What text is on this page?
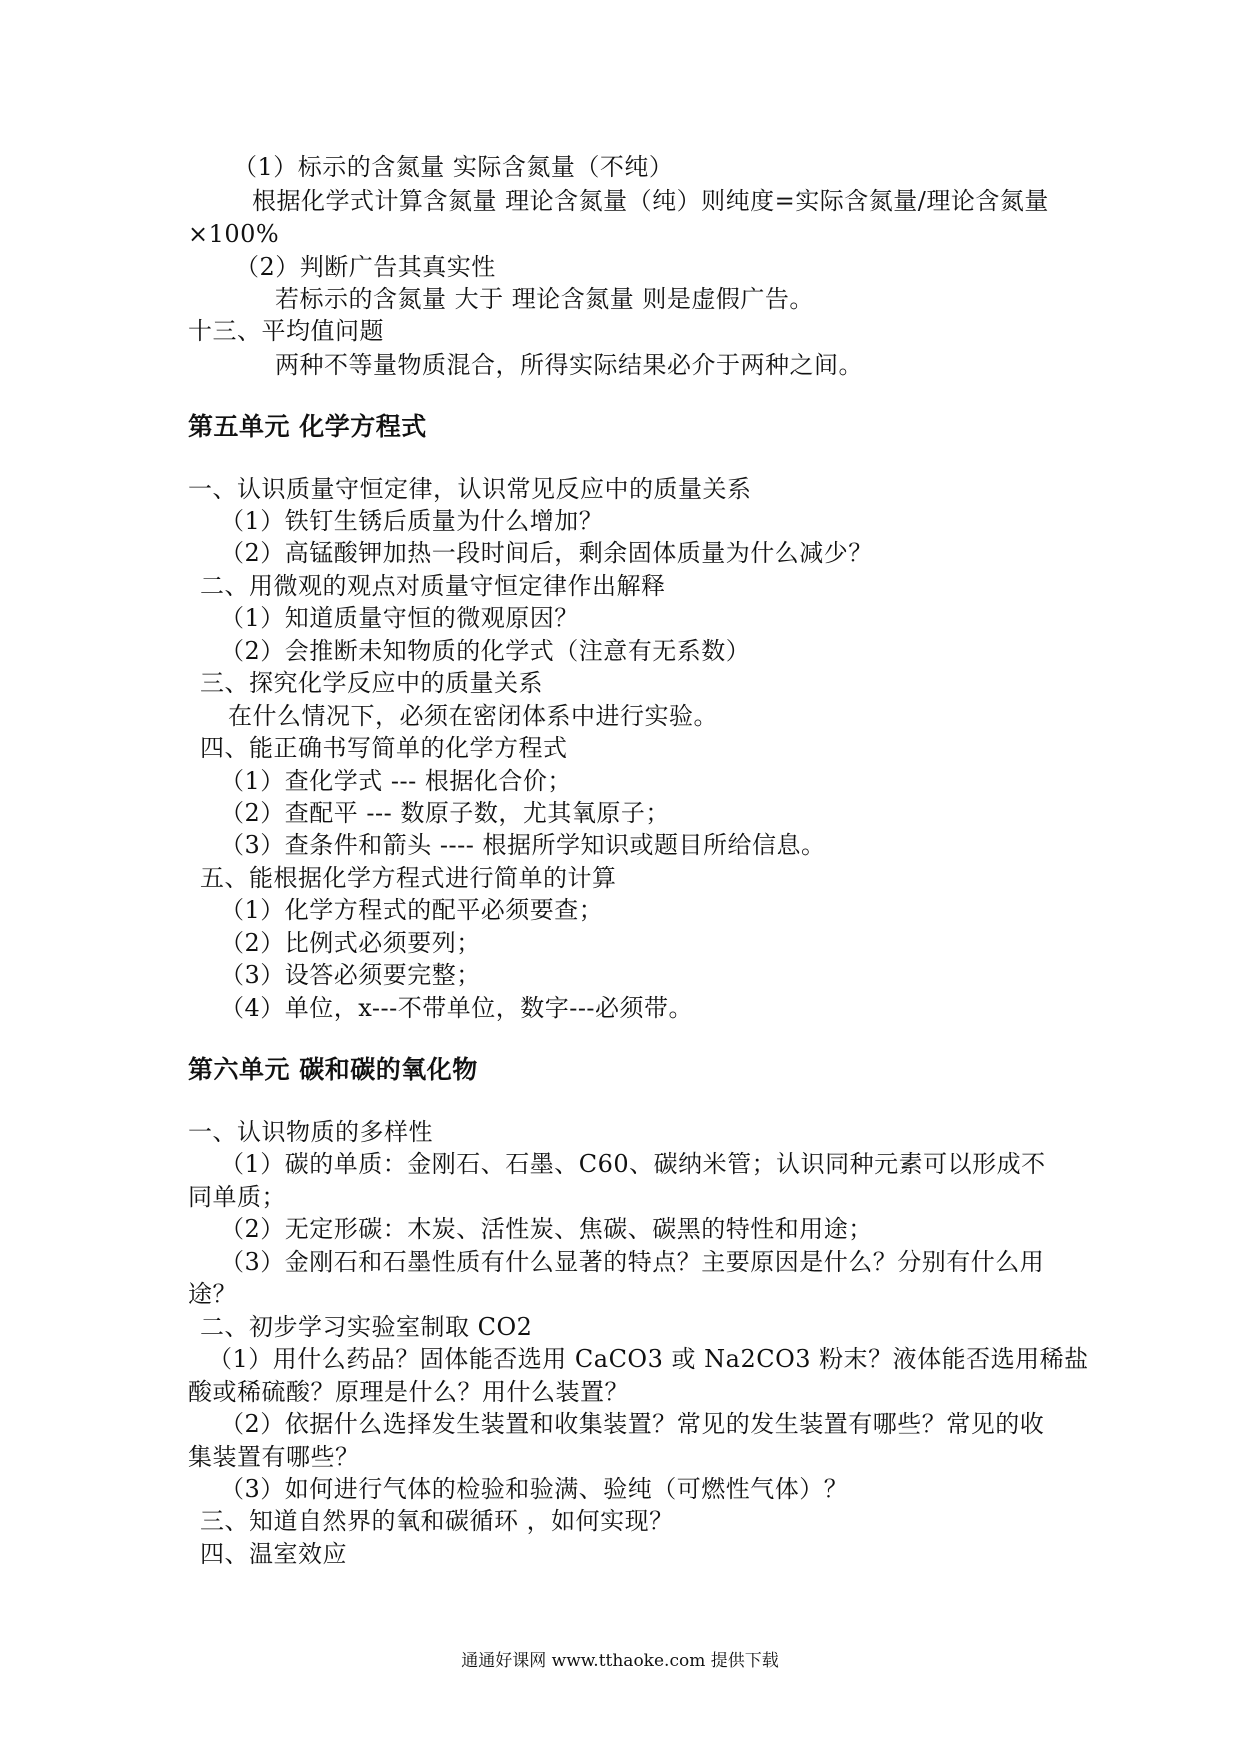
（1）标示的含氮量 实际含氮量（不纯）
根据化学式计算含氮量 理论含氮量（纯）则纯度=实际含氮量/理论含氮量
×100%
（2）判断广告其真实性
若标示的含氮量 大于 理论含氮量 则是虚假广告。
十三、平均值问题
两种不等量物质混合，所得实际结果必介于两种之间。
第五单元 化学方程式
一、认识质量守恒定律，认识常见反应中的质量关系
（1）铁钉生锈后质量为什么增加？
（2）高锰酸钾加热一段时间后，剩余固体质量为什么减少？
二、用微观的观点对质量守恒定律作出解释
（1）知道质量守恒的微观原因？
（2）会推断未知物质的化学式（注意有无系数）
三、探究化学反应中的质量关系
在什么情况下，必须在密闭体系中进行实验。
四、能正确书写简单的化学方程式
（1）查化学式 --- 根据化合价；
（2）查配平 --- 数原子数，尤其氧原子；
（3）查条件和箭头 ---- 根据所学知识或题目所给信息。
五、能根据化学方程式进行简单的计算
（1）化学方程式的配平必须要查；
（2）比例式必须要列；
（3）设答必须要完整；
（4）单位，x---不带单位，数字---必须带。
第六单元 碳和碳的氧化物
一、认识物质的多样性
（1）碳的单质：金刚石、石墨、C60、碳纳米管；认识同种元素可以形成不
同单质；
（2）无定形碳：木炭、活性炭、焦碳、碳黑的特性和用途；
（3）金刚石和石墨性质有什么显著的特点？主要原因是什么？分别有什么用
途？
二、初步学习实验室制取 CO2
（1）用什么药品？固体能否选用 CaCO3 或 Na2CO3 粉末？液体能否选用稀盐
酸或稀硫酸？原理是什么？用什么装置？
（2）依据什么选择发生装置和收集装置？常见的发生装置有哪些？常见的收
集装置有哪些？
（3）如何进行气体的检验和验满、验纯（可燃性气体）？
三、知道自然界的氧和碳循环 ，如何实现？
四、温室效应
通通好课网 www.tthaoke.com 提供下载
